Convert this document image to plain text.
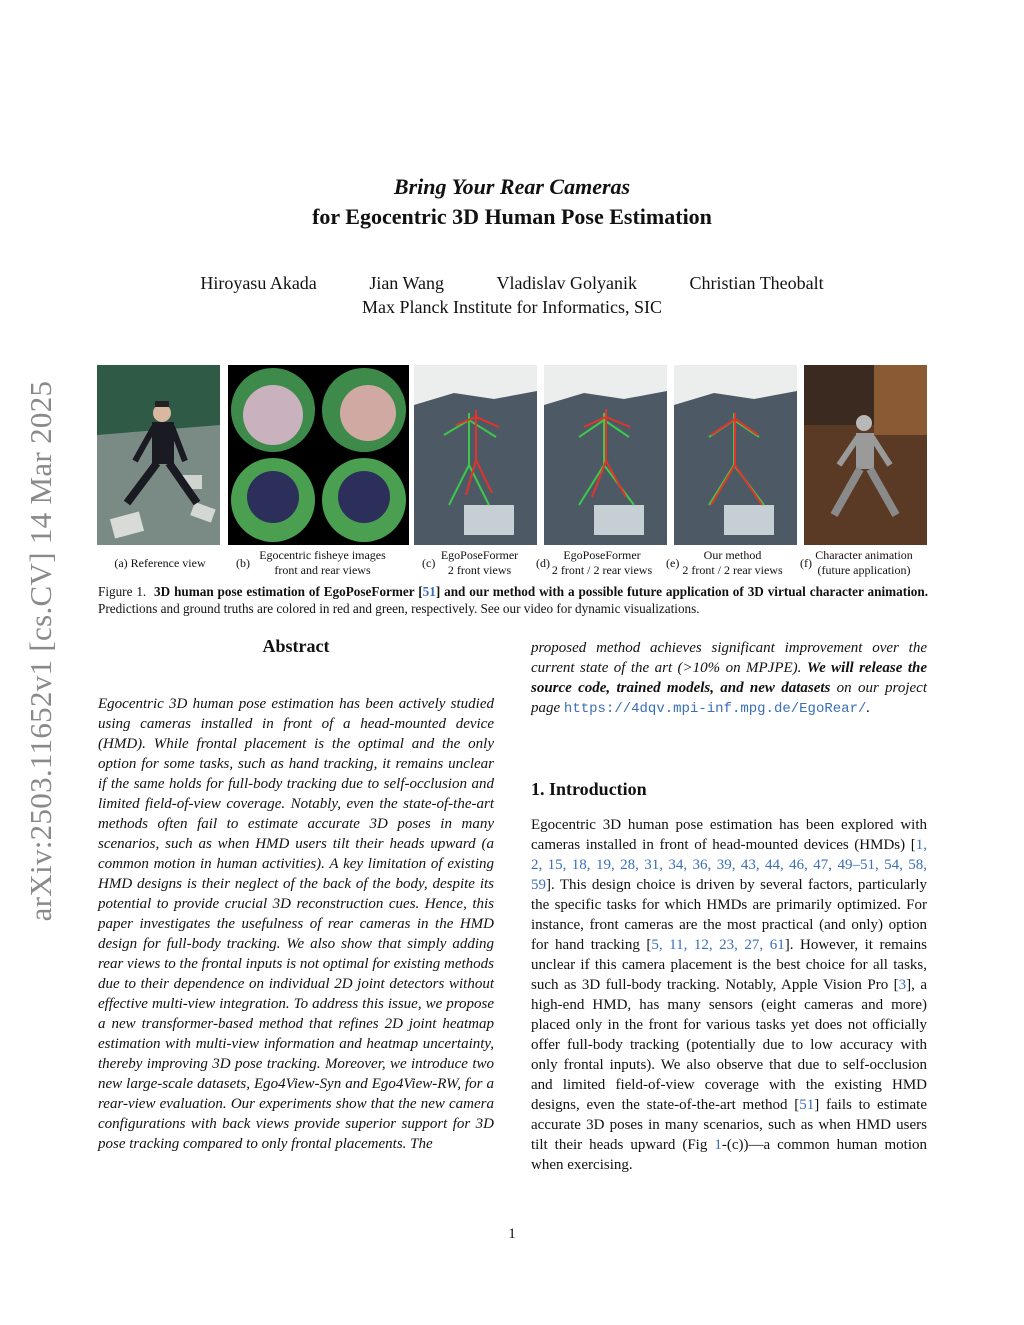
arXiv:2503.11652v1 [cs.CV] 14 Mar 2025
Bring Your Rear Cameras
for Egocentric 3D Human Pose Estimation
Hiroyasu Akada	Jian Wang	Vladislav Golyanik	Christian Theobalt
Max Planck Institute for Informatics, SIC
(a) Reference view	(b)
Egocentric fisheye images
front and rear views	(c)
EgoPoseFormer
2 front views	(d)
EgoPoseFormer
2 front / 2 rear views	(e)
Our method
2 front / 2 rear views	(f)
Character animation
(future application)
Figure 1. 3D human pose estimation of EgoPoseFormer [51] and our method with a possible future application of 3D virtual character animation. Predictions and ground truths are colored in red and green, respectively. See our video for dynamic visualizations.
Abstract
Egocentric 3D human pose estimation has been actively studied using cameras installed in front of a head-mounted device (HMD). While frontal placement is the optimal and the only option for some tasks, such as hand tracking, it remains unclear if the same holds for full-body tracking due to self-occlusion and limited field-of-view coverage. Notably, even the state-of-the-art methods often fail to estimate accurate 3D poses in many scenarios, such as when HMD users tilt their heads upward (a common motion in human activities). A key limitation of existing HMD designs is their neglect of the back of the body, despite its potential to provide crucial 3D reconstruction cues. Hence, this paper investigates the usefulness of rear cameras in the HMD design for full-body tracking. We also show that simply adding rear views to the frontal inputs is not optimal for existing methods due to their dependence on individual 2D joint detectors without effective multi-view integration. To address this issue, we propose a new transformer-based method that refines 2D joint heatmap estimation with multi-view information and heatmap uncertainty, thereby improving 3D pose tracking. Moreover, we introduce two new large-scale datasets, Ego4View-Syn and Ego4View-RW, for a rear-view evaluation. Our experiments show that the new camera configurations with back views provide superior support for 3D pose tracking compared to only frontal placements. The
proposed method achieves significant improvement over the current state of the art (>10% on MPJPE). We will release the source code, trained models, and new datasets on our project page https://4dqv.mpi-inf.mpg.de/EgoRear/.
1. Introduction
Egocentric 3D human pose estimation has been explored with cameras installed in front of head-mounted devices (HMDs) [1, 2, 15, 18, 19, 28, 31, 34, 36, 39, 43, 44, 46, 47, 49–51, 54, 58, 59]. This design choice is driven by several factors, particularly the specific tasks for which HMDs are primarily optimized. For instance, front cameras are the most practical (and only) option for hand tracking [5, 11, 12, 23, 27, 61]. However, it remains unclear if this camera placement is the best choice for all tasks, such as 3D full-body tracking. Notably, Apple Vision Pro [3], a high-end HMD, has many sensors (eight cameras and more) placed only in the front for various tasks yet does not officially offer full-body tracking (potentially due to low accuracy with only frontal inputs). We also observe that due to self-occlusion and limited field-of-view coverage with the existing HMD designs, even the state-of-the-art method [51] fails to estimate accurate 3D poses in many scenarios, such as when HMD users tilt their heads upward (Fig 1-(c))—a common human motion when exercising.
1
